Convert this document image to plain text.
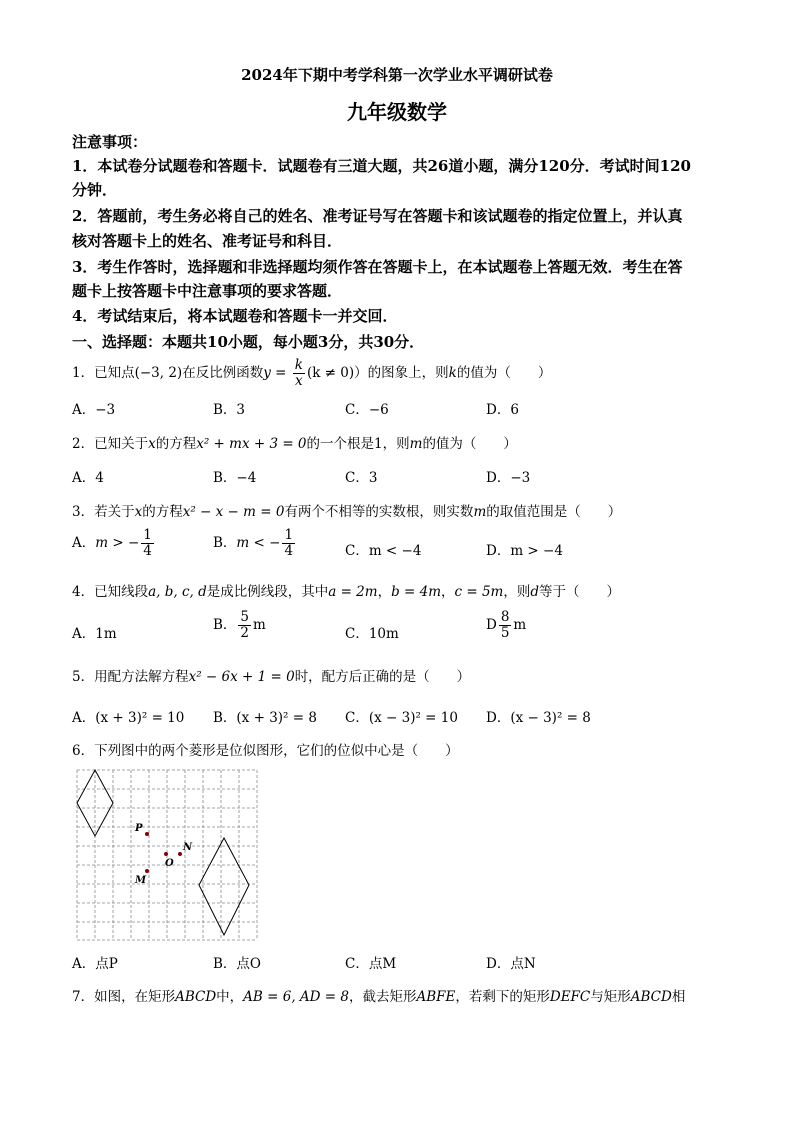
2024年下期中考学科第一次学业水平调研试卷
九年级数学
注意事项：
1．本试卷分试题卷和答题卡．试题卷有三道大题，共26道小题，满分120分．考试时间120
分钟．
2．答题前，考生务必将自己的姓名、准考证号写在答题卡和该试题卷的指定位置上，并认真
核对答题卡上的姓名、准考证号和科目．
3．考生作答时，选择题和非选择题均须作答在答题卡上，在本试题卷上答题无效．考生在答
题卡上按答题卡中注意事项的要求答题．
4．考试结束后，将本试题卷和答题卡一并交回．
一、选择题：本题共10小题，每小题3分，共30分．
1．已知点(−3, 2)在反比例函数$y = \frac{k}{x} (k \ne 0)$）的图象上，则k的值为（　　）
A．−3	B．3	C．−6	D．6
2．已知关于x的方程x² + mx + 3 = 0的一个根是1，则m的值为（　　）
A．4	B．−4	C．3	D．−3
3．若关于x的方程x² − x − m = 0有两个不相等的实数根，则实数m的取值范围是（　　）
A．m > − $\frac{1}{4}$	B．m < − $\frac{1}{4}$	C．m < −4	D．m > −4
4．已知线段a, b, c, d是成比例线段，其中a = 2m，b = 4m，c = 5m，则d等于（　　）
A．1m
B． $\frac{5}{2}$ m
C．10m
D $\frac{8}{5}$ m
5．用配方法解方程x² − 6x + 1 = 0时，配方后正确的是（　　）
A．(x + 3)² = 10 B．(x + 3)² = 8 C．(x − 3)² = 10 D．(x − 3)² = 8
6．下列图中的两个菱形是位似图形，它们的位似中心是（　　）
P
O
N
M
A．点P	B．点O	C．点M	D．点N
7．如图，在矩形ABCD中，AB = 6, AD = 8，截去矩形ABFE，若剩下的矩形DEFC与矩形ABCD相
